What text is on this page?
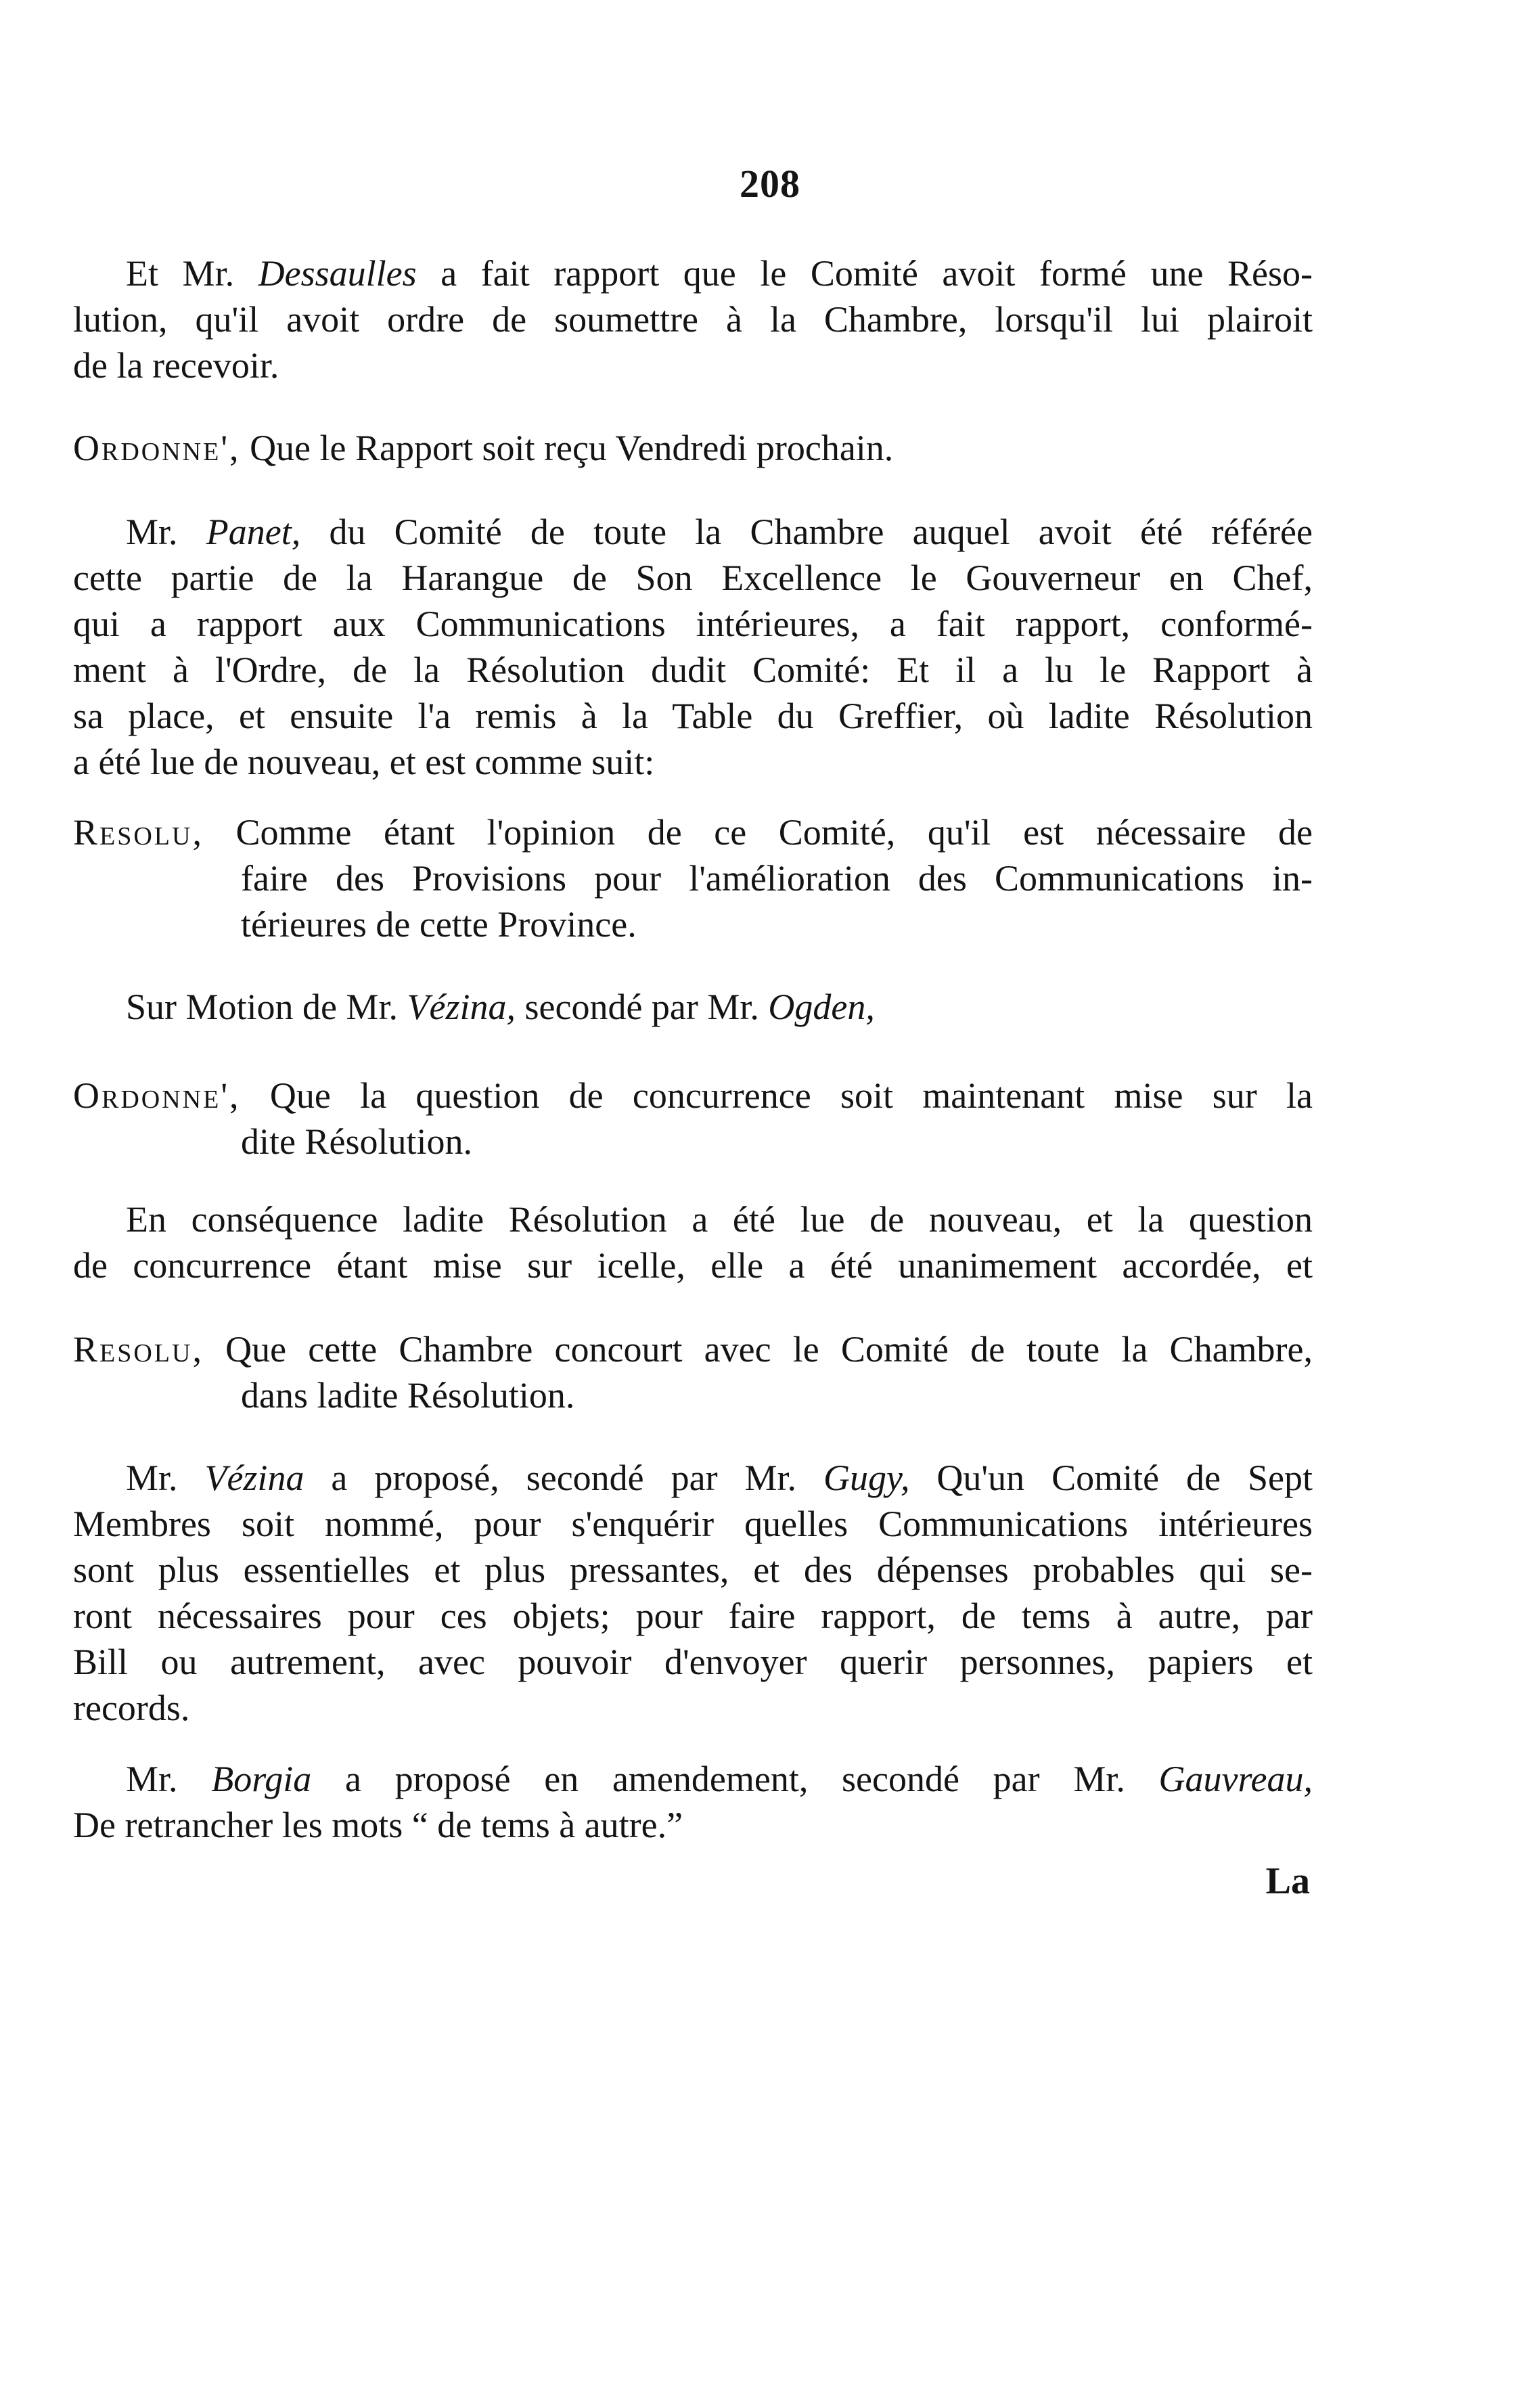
208
Et Mr. Dessaulles a fait rapport que le Comité avoit formé une Réso-
lution, qu'il avoit ordre de soumettre à la Chambre, lorsqu'il lui plairoit
de la recevoir.
Ordonne', Que le Rapport soit reçu Vendredi prochain.
Mr. Panet, du Comité de toute la Chambre auquel avoit été référée
cette partie de la Harangue de Son Excellence le Gouverneur en Chef,
qui a rapport aux Communications intérieures, a fait rapport, conformé-
ment à l'Ordre, de la Résolution dudit Comité: Et il a lu le Rapport à
sa place, et ensuite l'a remis à la Table du Greffier, où ladite Résolution
a été lue de nouveau, et est comme suit:
Resolu, Comme étant l'opinion de ce Comité, qu'il est nécessaire de
faire des Provisions pour l'amélioration des Communications in-
térieures de cette Province.
Sur Motion de Mr. Vézina, secondé par Mr. Ogden,
Ordonne', Que la question de concurrence soit maintenant mise sur la
dite Résolution.
En conséquence ladite Résolution a été lue de nouveau, et la question
de concurrence étant mise sur icelle, elle a été unanimement accordée, et
Resolu, Que cette Chambre concourt avec le Comité de toute la Chambre,
dans ladite Résolution.
Mr. Vézina a proposé, secondé par Mr. Gugy, Qu'un Comité de Sept
Membres soit nommé, pour s'enquérir quelles Communications intérieures
sont plus essentielles et plus pressantes, et des dépenses probables qui se-
ront nécessaires pour ces objets; pour faire rapport, de tems à autre, par
Bill ou autrement, avec pouvoir d'envoyer querir personnes, papiers et
records.
Mr. Borgia a proposé en amendement, secondé par Mr. Gauvreau,
De retrancher les mots “ de tems à autre.”
La
